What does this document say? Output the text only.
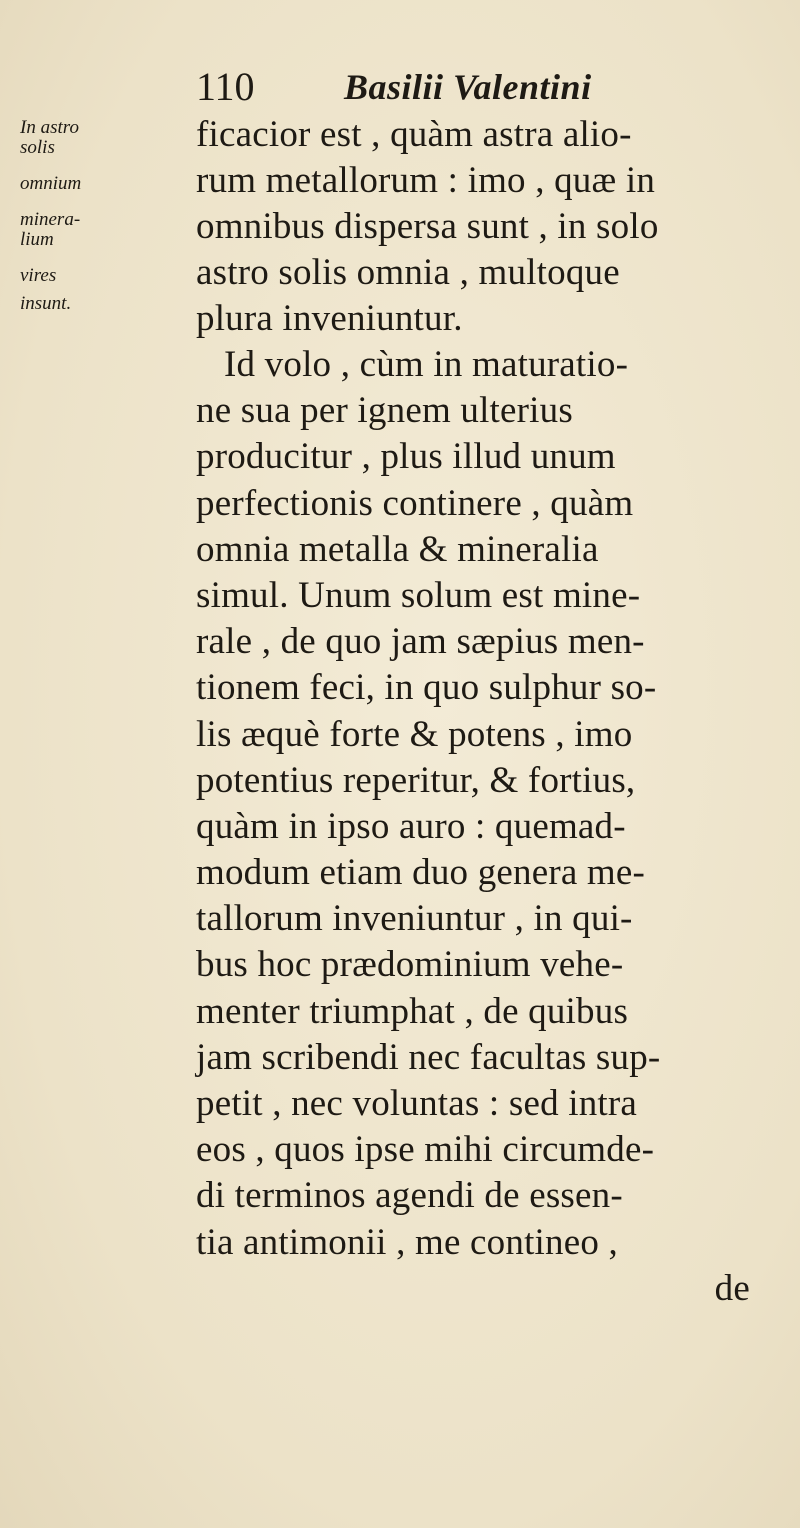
110 Basilii Valentini
In astro
solis
omnium
minera-
lium
vires
insunt.
ficacior est , quàm astra alio-
rum metallorum : imo , quæ in
omnibus dispersa sunt , in solo
astro solis omnia , multoque
plura inveniuntur.
Id volo , cùm in maturatio-
ne sua per ignem ulterius
producitur , plus illud unum
perfectionis continere , quàm
omnia metalla & mineralia
simul. Unum solum est mine-
rale , de quo jam sæpius men-
tionem feci, in quo sulphur so-
lis æquè forte & potens , imo
potentius reperitur, & fortius,
quàm in ipso auro : quemad-
modum etiam duo genera me-
tallorum inveniuntur , in qui-
bus hoc prædominium vehe-
menter triumphat , de quibus
jam scribendi nec facultas sup-
petit , nec voluntas : sed intra
eos , quos ipse mihi circumde-
di terminos agendi de essen-
tia antimonii , me contineo ,
de
